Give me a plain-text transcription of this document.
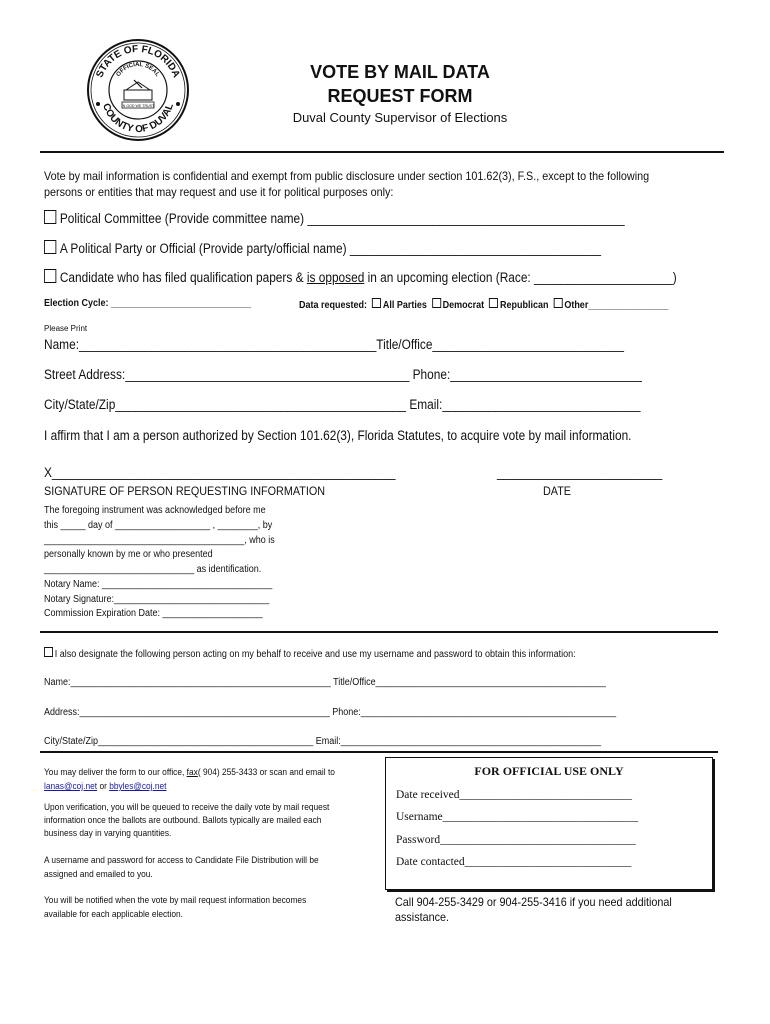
STATE OF FLORIDA
COUNTY OF DUVAL
OFFICIAL SEAL
IN GOD WE TRUST
VOTE BY MAIL DATA
REQUEST FORM
Duval County Supervisor of Elections
Vote by mail information is confidential and exempt from public disclosure under section 101.62(3), F.S., except to the following
persons or entities that may request and use it for political purposes only:
Political Committee (Provide committee name) ________________________________________________
A Political Party or Official (Provide party/official name) ______________________________________
Candidate who has filed qualification papers & is opposed in an upcoming election (Race: _____________________)
Election Cycle: ____________________________	Data requested: All Parties Democrat Republican Other________________
Please Print
Name:_____________________________________________Title/Office_____________________________
Street Address:___________________________________________ Phone:_____________________________
City/State/Zip____________________________________________ Email:______________________________
I affirm that I am a person authorized by Section 101.62(3), Florida Statutes, to acquire vote by mail information.
X____________________________________________________	_________________________
SIGNATURE OF PERSON REQUESTING INFORMATION	DATE
The foregoing instrument was acknowledged before me
this _____ day of ___________________ , ________, by
________________________________________, who is
personally known by me or who presented
______________________________ as identification.
Notary Name: __________________________________
Notary Signature:_______________________________
Commission Expiration Date: ____________________
I also designate the following person acting on my behalf to receive and use my username and password to obtain this information:
Name:____________________________________________________ Title/Office______________________________________________
Address:__________________________________________________ Phone:___________________________________________________
City/State/Zip___________________________________________ Email:____________________________________________________
You may deliver the form to our office, fax( 904) 255-3433 or scan and email to
lanas@coj.net or bbyles@coj.net
Upon verification, you will be queued to receive the daily vote by mail request
information once the ballots are outbound. Ballots typically are mailed each
business day in varying quantities.
A username and password for access to Candidate File Distribution will be
assigned and emailed to you.
You will be notified when the vote by mail request information becomes
available for each applicable election.
FOR OFFICIAL USE ONLY
Date received______________________________
Username__________________________________
Password__________________________________
Date contacted_____________________________
Call 904-255-3429 or 904-255-3416 if you need additional
assistance.
